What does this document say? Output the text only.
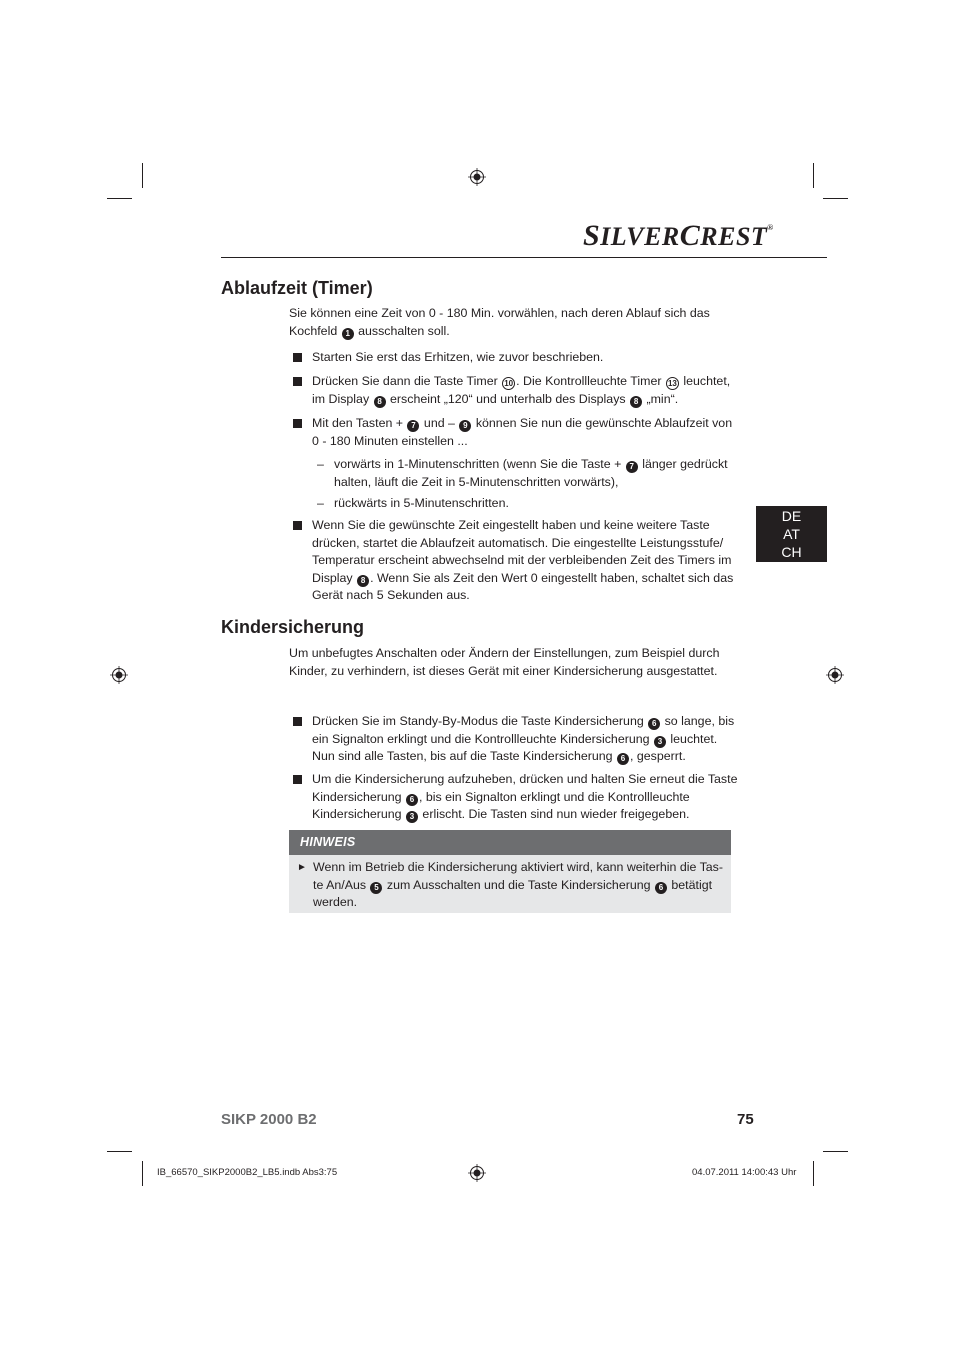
SILVERCREST®
DE
AT
CH
Ablaufzeit (Timer)
Sie können eine Zeit von 0 - 180 Min. vorwählen, nach deren Ablauf sich das Kochfeld 1 ausschalten soll.
Starten Sie erst das Erhitzen, wie zuvor beschrieben.
Drücken Sie dann die Taste Timer 10 . Die Kontrollleuchte Timer 13 leuchtet, im Display 8 erscheint „120“ und unterhalb des Displays 8 „min“.
Mit den Tasten + 7 und – 9 können Sie nun die gewünschte Ablaufzeit von 0 - 180 Minuten einstellen ...
– vorwärts in 1-Minutenschritten (wenn Sie die Taste + 7 länger gedrückt halten, läuft die Zeit in 5-Minutenschritten vorwärts),
– rückwärts in 5-Minutenschritten.
Wenn Sie die gewünschte Zeit eingestellt haben und keine weitere Taste drücken, startet die Ablaufzeit automatisch. Die eingestellte Leistungsstufe/ Temperatur erscheint abwechselnd mit der verbleibenden Zeit des Timers im Display 8 . Wenn Sie als Zeit den Wert 0 eingestellt haben, schaltet sich das Gerät nach 5 Sekunden aus.
Kindersicherung
Um unbefugtes Anschalten oder Ändern der Einstellungen, zum Beispiel durch Kinder, zu verhindern, ist dieses Gerät mit einer Kindersicherung ausgestattet.
Drücken Sie im Standy-By-Modus die Taste Kindersicherung 6 so lange, bis ein Signalton erklingt und die Kontrollleuchte Kindersicherung 3 leuchtet. Nun sind alle Tasten, bis auf die Taste Kindersicherung 6 , gesperrt.
Um die Kindersicherung aufzuheben, drücken und halten Sie erneut die Taste Kindersicherung 6 , bis ein Signalton erklingt und die Kontrollleuchte Kindersicherung 3 erlischt. Die Tasten sind nun wieder freigegeben.
HINWEIS
► Wenn im Betrieb die Kindersicherung aktiviert wird, kann weiterhin die Tas-te An/Aus 5 zum Ausschalten und die Taste Kindersicherung 6 betätigt werden.
SIKP 2000 B2	75
IB_66570_SIKP2000B2_LB5.indb Abs3:75	04.07.2011 14:00:43 Uhr
